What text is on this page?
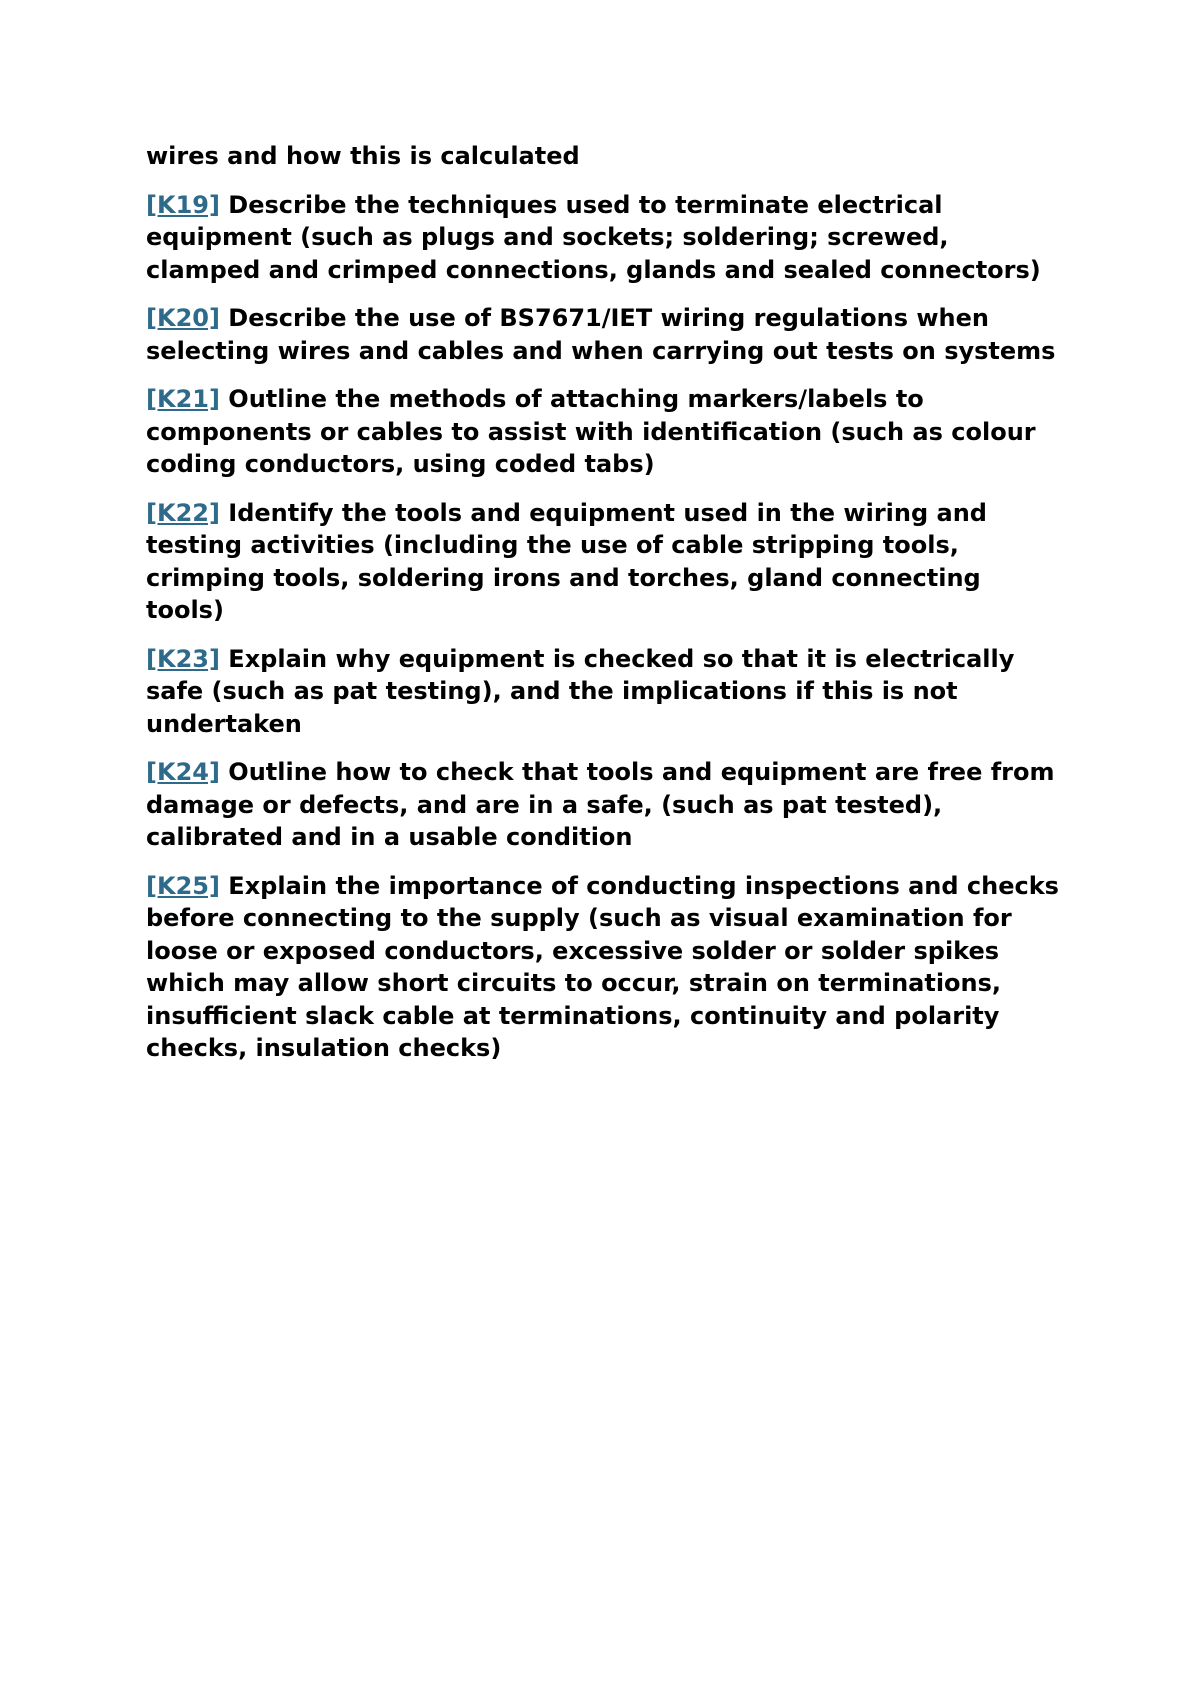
wires and how this is calculated

[K19] Describe the techniques used to terminate electrical equipment (such as plugs and sockets; soldering; screwed, clamped and crimped connections, glands and sealed connectors)

[K20] Describe the use of BS7671/IET wiring regulations when selecting wires and cables and when carrying out tests on systems

[K21] Outline the methods of attaching markers/labels to components or cables to assist with identification (such as colour coding conductors, using coded tabs)

[K22] Identify the tools and equipment used in the wiring and testing activities (including the use of cable stripping tools, crimping tools, soldering irons and torches, gland connecting tools)

[K23] Explain why equipment is checked so that it is electrically safe (such as pat testing), and the implications if this is not undertaken

[K24] Outline how to check that tools and equipment are free from damage or defects, and are in a safe, (such as pat tested), calibrated and in a usable condition

[K25] Explain the importance of conducting inspections and checks before connecting to the supply (such as visual examination for loose or exposed conductors, excessive solder or solder spikes which may allow short circuits to occur, strain on terminations, insufficient slack cable at terminations, continuity and polarity checks, insulation checks)
